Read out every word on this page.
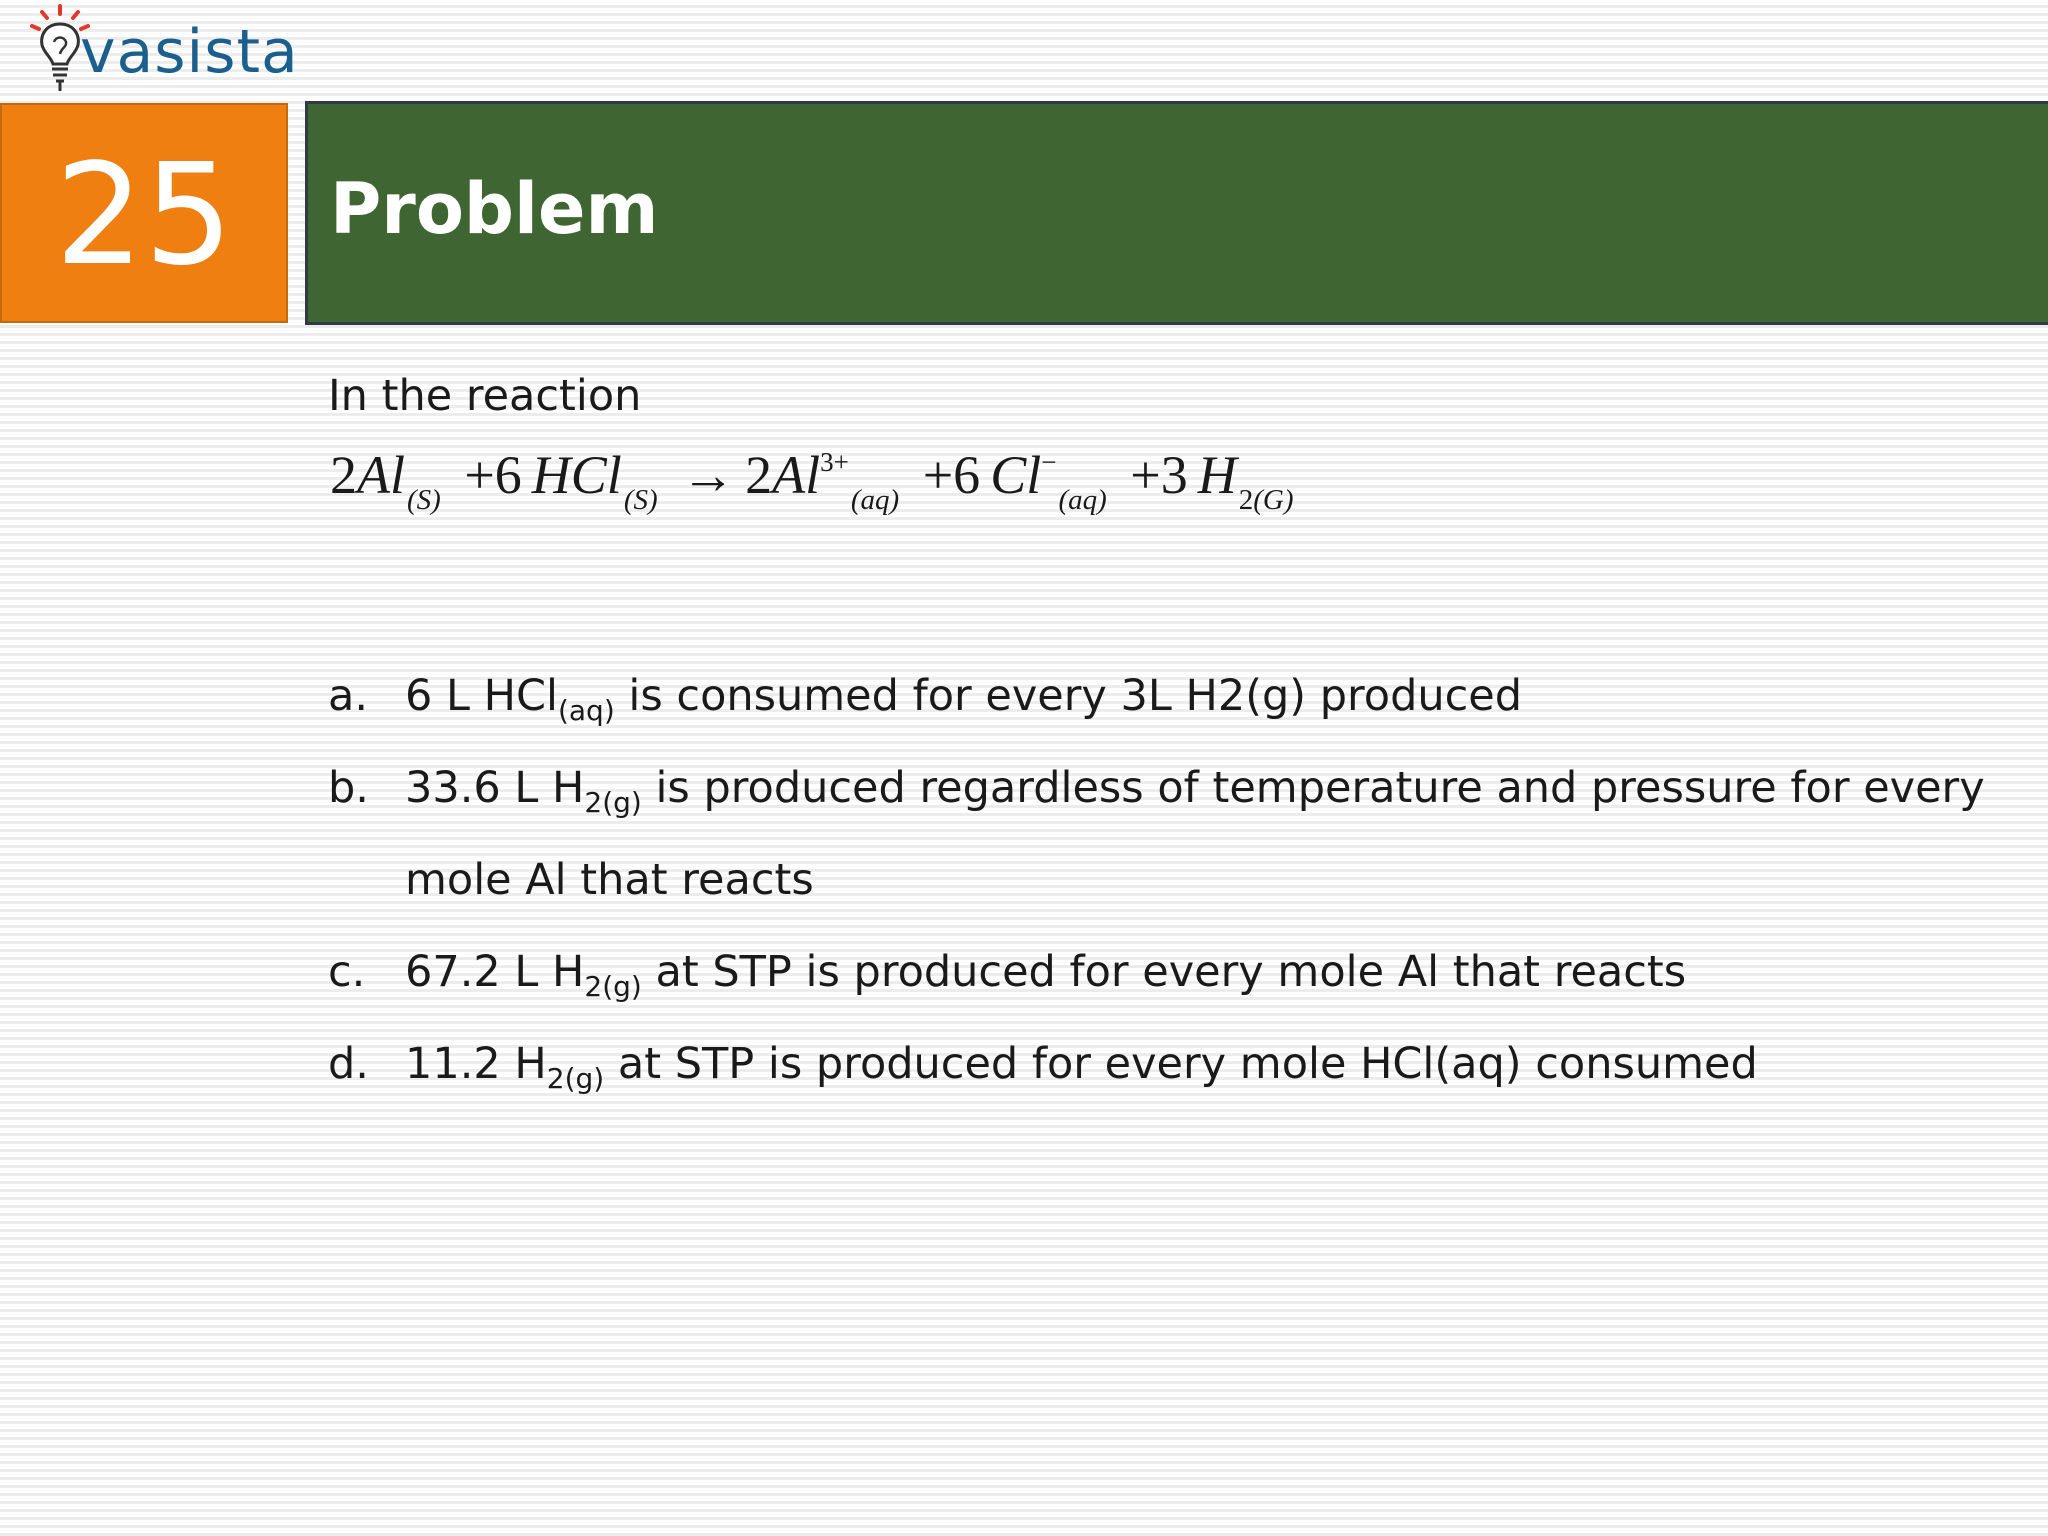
vasista
25 Problem
In the reaction
$2Al_{(S)} +6$ $HCl_{(S)} \to 2Al^{3+}_{(aq)} +6$ $Cl^-_{(aq)} +3$ $H_{2(G)}$
a. 6 L HCl$_{(aq)}$ is consumed for every 3L H2(g) produced
b. 33.6 L $H_{2(g)}$ is produced regardless of temperature and pressure for every mole Al that reacts
c. 67.2 L $H_{2(g)}$ at STP is produced for every mole Al that reacts
d. 11.2 $H_{2(g)}$ at STP is produced for every mole HCl(aq) consumed
